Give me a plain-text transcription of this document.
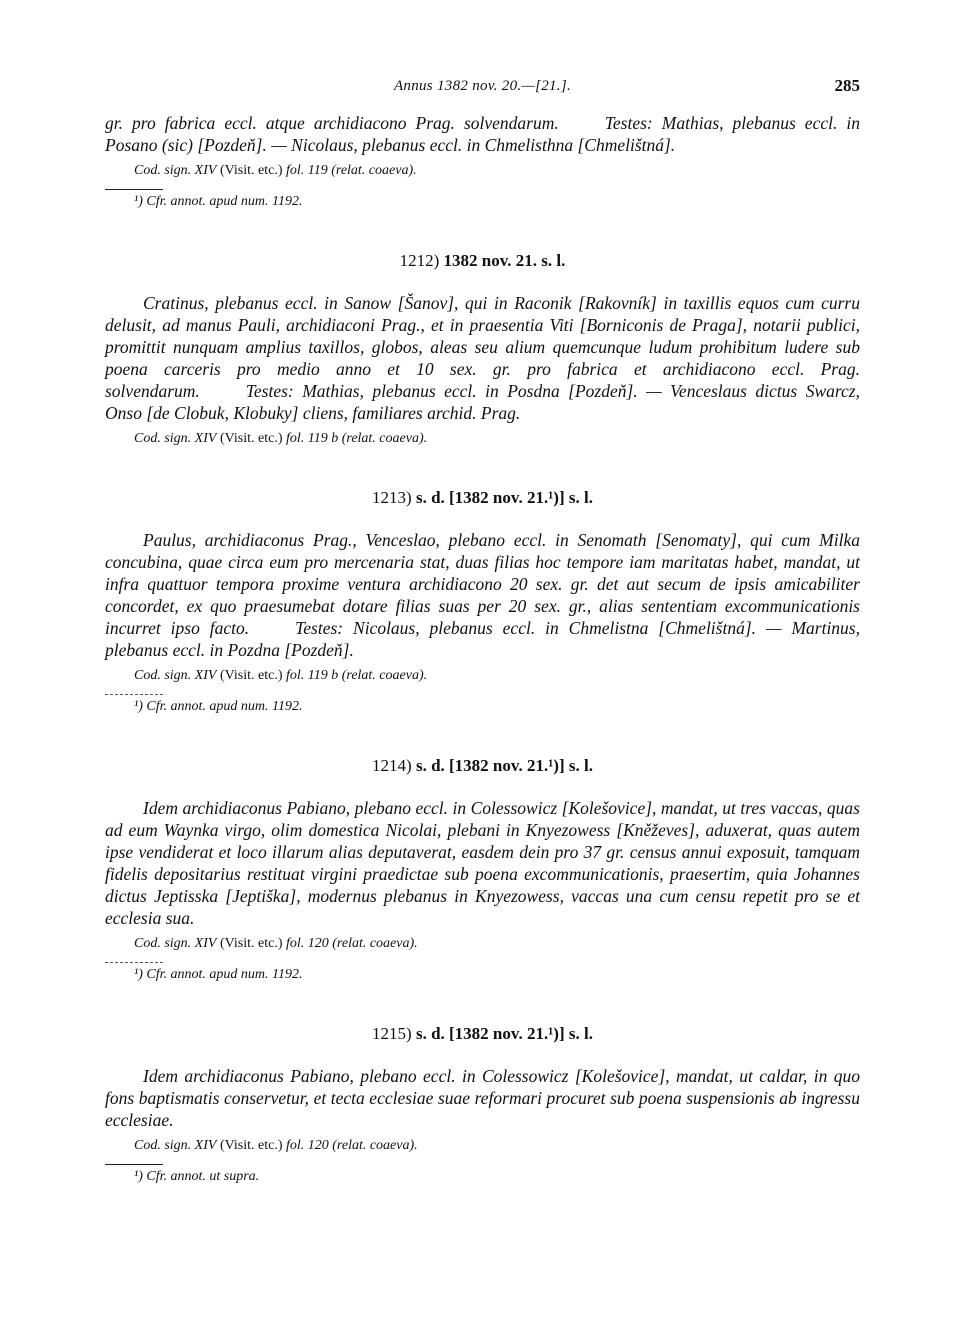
Annus 1382 nov. 20.—[21.].	285

gr. pro fabrica eccl. atque archidiacono Prag. solvendarum.	Testes: Mathias, plebanus eccl. in Posano (sic) [Pozdeň]. — Nicolaus, plebanus eccl. in Chmelisthna [Chmelištná].

Cod. sign. XIV (Visit. etc.) fol. 119 (relat. coaeva).
¹) Cfr. annot. apud num. 1192.
1212) 1382 nov. 21. s. l.

Cratinus, plebanus eccl. in Sanow [Šanov], qui in Raconik [Rakovník] in taxillis equos cum curru delusit, ad manus Pauli, archidiaconi Prag., et in praesentia Viti [Borniconis de Praga], notarii publici, promittit nunquam amplius taxillos, globos, aleas seu alium quemcunque ludum prohibitum ludere sub poena carceris pro medio anno et 10 sex. gr. pro fabrica et archidiacono eccl. Prag. solvendarum.	Testes: Mathias, plebanus eccl. in Posdna [Pozdeň]. — Venceslaus dictus Swarcz, Onso [de Clobuk, Klobuky] cliens, familiares archid. Prag.

Cod. sign. XIV (Visit. etc.) fol. 119 b (relat. coaeva).
1213) s. d. [1382 nov. 21.¹)] s. l.

Paulus, archidiaconus Prag., Venceslao, plebano eccl. in Senomath [Senomaty], qui cum Milka concubina, quae circa eum pro mercenaria stat, duas filias hoc tempore iam maritatas habet, mandat, ut infra quattuor tempora proxime ventura archidiacono 20 sex. gr. det aut secum de ipsis amicabiliter concordet, ex quo praesumebat dotare filias suas per 20 sex. gr., alias sententiam excommunicationis incurret ipso facto.	Testes: Nicolaus, plebanus eccl. in Chmelistna [Chmelištná]. — Martinus, plebanus eccl. in Pozdna [Pozdeň].

Cod. sign. XIV (Visit. etc.) fol. 119 b (relat. coaeva).
¹) Cfr. annot. apud num. 1192.
1214) s. d. [1382 nov. 21.¹)] s. l.

Idem archidiaconus Pabiano, plebano eccl. in Colessowicz [Kolešovice], mandat, ut tres vaccas, quas ad eum Waynka virgo, olim domestica Nicolai, plebani in Knyezowess [Kněževes], aduxerat, quas autem ipse vendiderat et loco illarum alias deputaverat, easdem dein pro 37 gr. census annui exposuit, tamquam fidelis depositarius restituat virgini praedictae sub poena excommunicationis, praesertim, quia Johannes dictus Jeptisska [Jeptiška], modernus plebanus in Knyezowess, vaccas una cum censu repetit pro se et ecclesia sua.

Cod. sign. XIV (Visit. etc.) fol. 120 (relat. coaeva).
¹) Cfr. annot. apud num. 1192.
1215) s. d. [1382 nov. 21.¹)] s. l.

Idem archidiaconus Pabiano, plebano eccl. in Colessowicz [Kolešovice], mandat, ut caldar, in quo fons baptismatis conservetur, et tecta ecclesiae suae reformari procuret sub poena suspensionis ab ingressu ecclesiae.

Cod. sign. XIV (Visit. etc.) fol. 120 (relat. coaeva).
¹) Cfr. annot. ut supra.
